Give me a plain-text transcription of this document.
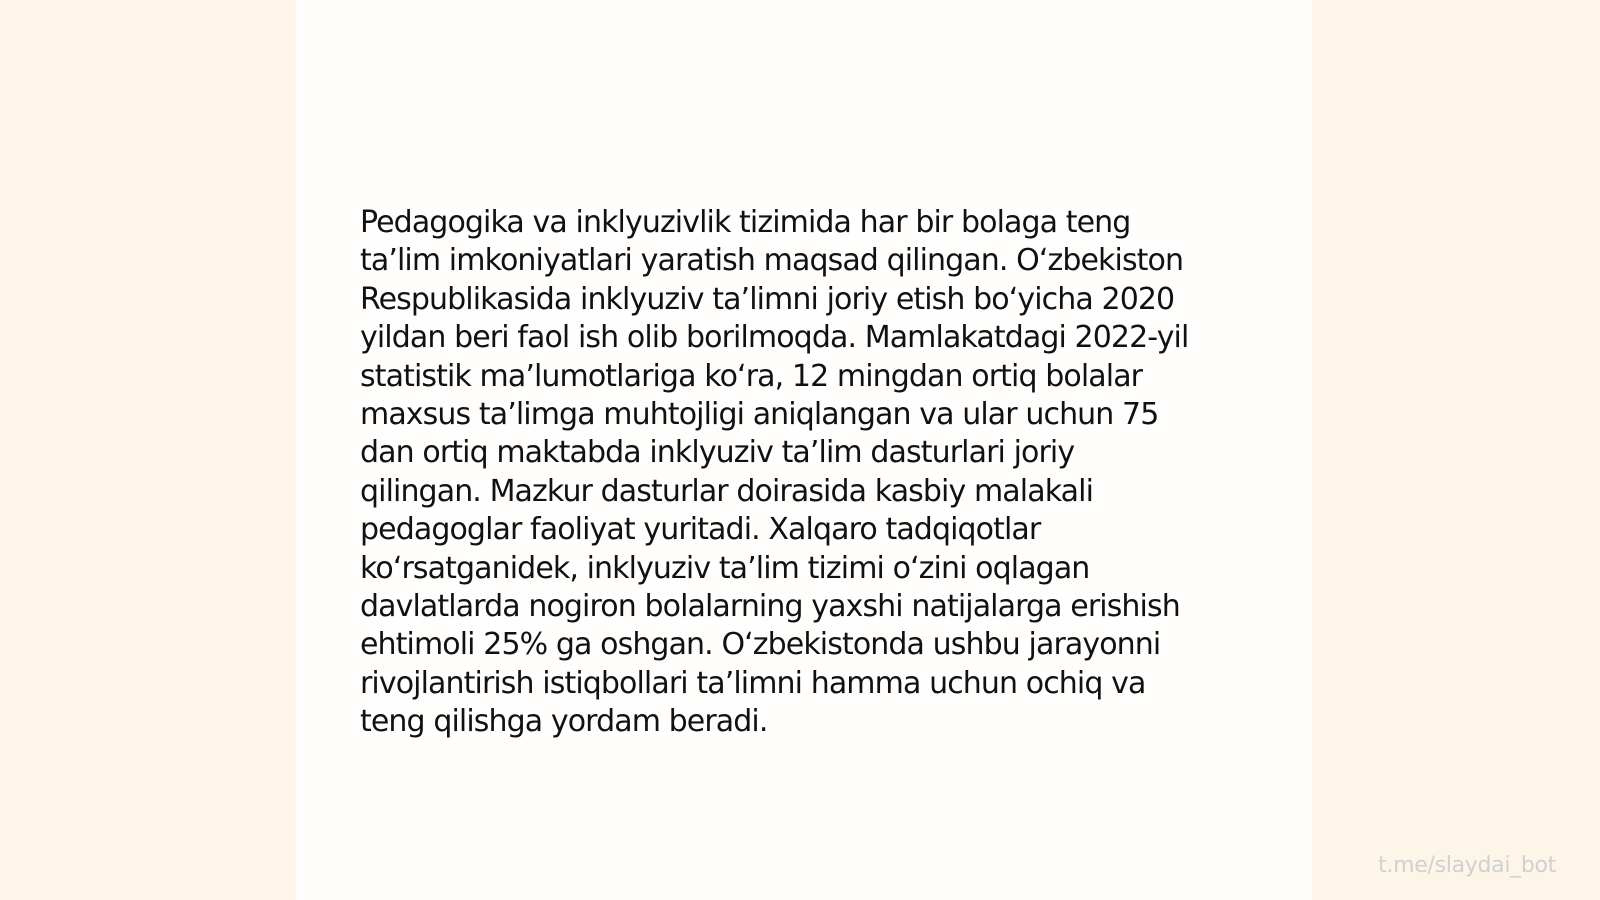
Pedagogika va inklyuzivlik tizimida har bir bolaga teng
ta’lim imkoniyatlari yaratish maqsad qilingan. O‘zbekiston
Respublikasida inklyuziv ta’limni joriy etish bo‘yicha 2020
yildan beri faol ish olib borilmoqda. Mamlakatdagi 2022-yil
statistik ma’lumotlariga ko‘ra, 12 mingdan ortiq bolalar
maxsus ta’limga muhtojligi aniqlangan va ular uchun 75
dan ortiq maktabda inklyuziv ta’lim dasturlari joriy
qilingan. Mazkur dasturlar doirasida kasbiy malakali
pedagoglar faoliyat yuritadi. Xalqaro tadqiqotlar
ko‘rsatganidek, inklyuziv ta’lim tizimi o‘zini oqlagan
davlatlarda nogiron bolalarning yaxshi natijalarga erishish
ehtimoli 25% ga oshgan. O‘zbekistonda ushbu jarayonni
rivojlantirish istiqbollari ta’limni hamma uchun ochiq va
teng qilishga yordam beradi.

t.me/slaydai_bot
